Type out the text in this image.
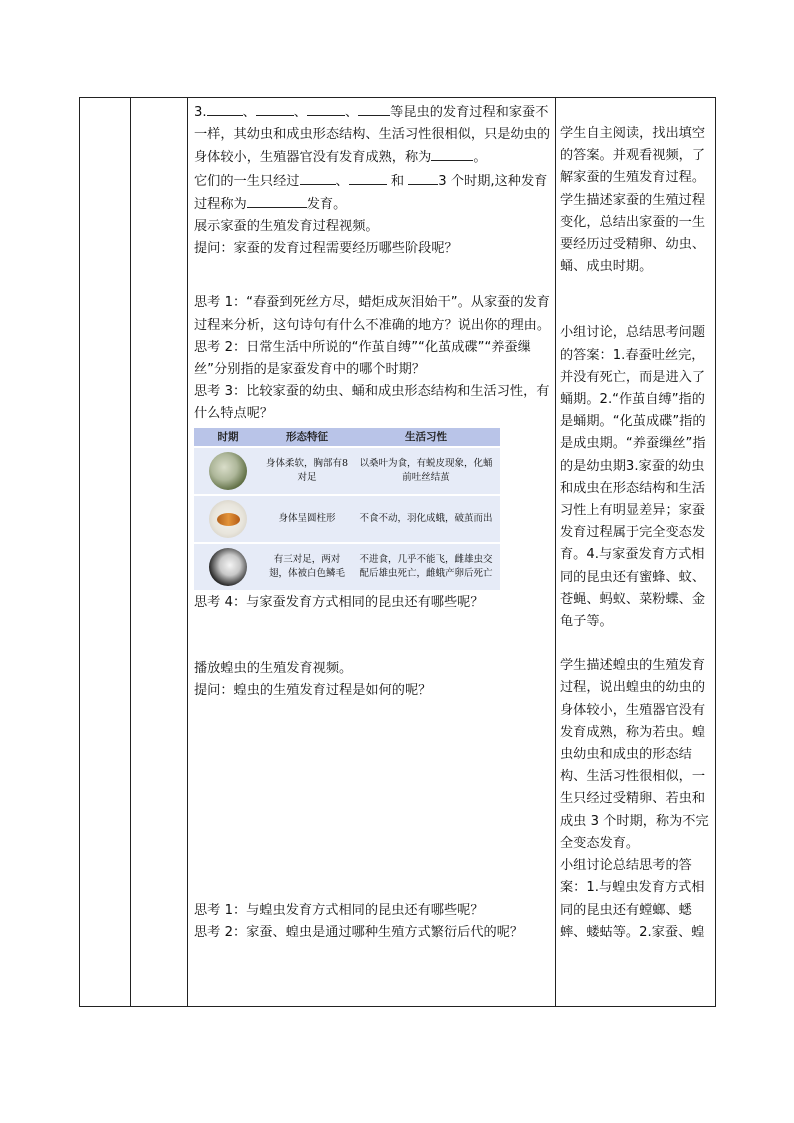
3.	、	、	、 等昆虫的发育过程和家蚕不一样，其幼虫和成虫形态结构、生活习性很相似，只是幼虫的身体较小，生殖器官没有发育成熟，称为	。
它们的一生只经过	、	和	3 个时期,这种发育过程称为	发育。

展示家蚕的生殖发育过程视频。

提问：家蚕的发育过程需要经历哪些阶段呢？

思考 1：“春蚕到死丝方尽，蜡炬成灰泪始干”。从家蚕的发育过程来分析，这句诗句有什么不准确的地方？说出你的理由。

思考 2：日常生活中所说的“作茧自缚”“化茧成碟”“养蚕缫丝”分别指的是家蚕发育中的哪个时期？

思考 3：比较家蚕的幼虫、蛹和成虫形态结构和生活习性，有什么特点呢？

时期	形态特征	生活习性
	身体柔软，胸部有8对足	以桑叶为食，有蜕皮现象，化蛹前吐丝结茧
	身体呈圆柱形	不食不动，羽化成蛾，破茧而出
	有三对足，两对翅，体被白色鳞毛	不进食，几乎不能飞，雌雄虫交配后雄虫死亡，雌蛾产卵后死亡

思考 4：与家蚕发育方式相同的昆虫还有哪些呢？

播放蝗虫的生殖发育视频。

提问：蝗虫的生殖发育过程是如何的呢？

思考 1：与蝗虫发育方式相同的昆虫还有哪些呢？

思考 2：家蚕、蝗虫是通过哪种生殖方式繁衍后代的呢？

学生自主阅读，找出填空的答案。并观看视频，了解家蚕的生殖发育过程。

学生描述家蚕的生殖过程变化，总结出家蚕的一生要经历过受精卵、幼虫、蛹、成虫时期。

小组讨论，总结思考问题的答案：1.春蚕吐丝完，并没有死亡，而是进入了蛹期。2.“作茧自缚”指的是蛹期。“化茧成碟”指的是成虫期。“养蚕缫丝”指的是幼虫期3.家蚕的幼虫和成虫在形态结构和生活习性上有明显差异；家蚕发育过程属于完全变态发育。4.与家蚕发育方式相同的昆虫还有蜜蜂、蚊、苍蝇、蚂蚁、菜粉蝶、金龟子等。

学生描述蝗虫的生殖发育过程，说出蝗虫的幼虫的身体较小，生殖器官没有发育成熟，称为若虫。蝗虫幼虫和成虫的形态结构、生活习性很相似，一生只经过受精卵、若虫和成虫 3 个时期，称为不完全变态发育。

小组讨论总结思考的答案：1.与蝗虫发育方式相同的昆虫还有螳螂、蟋蟀、蝼蛄等。2.家蚕、蝗
